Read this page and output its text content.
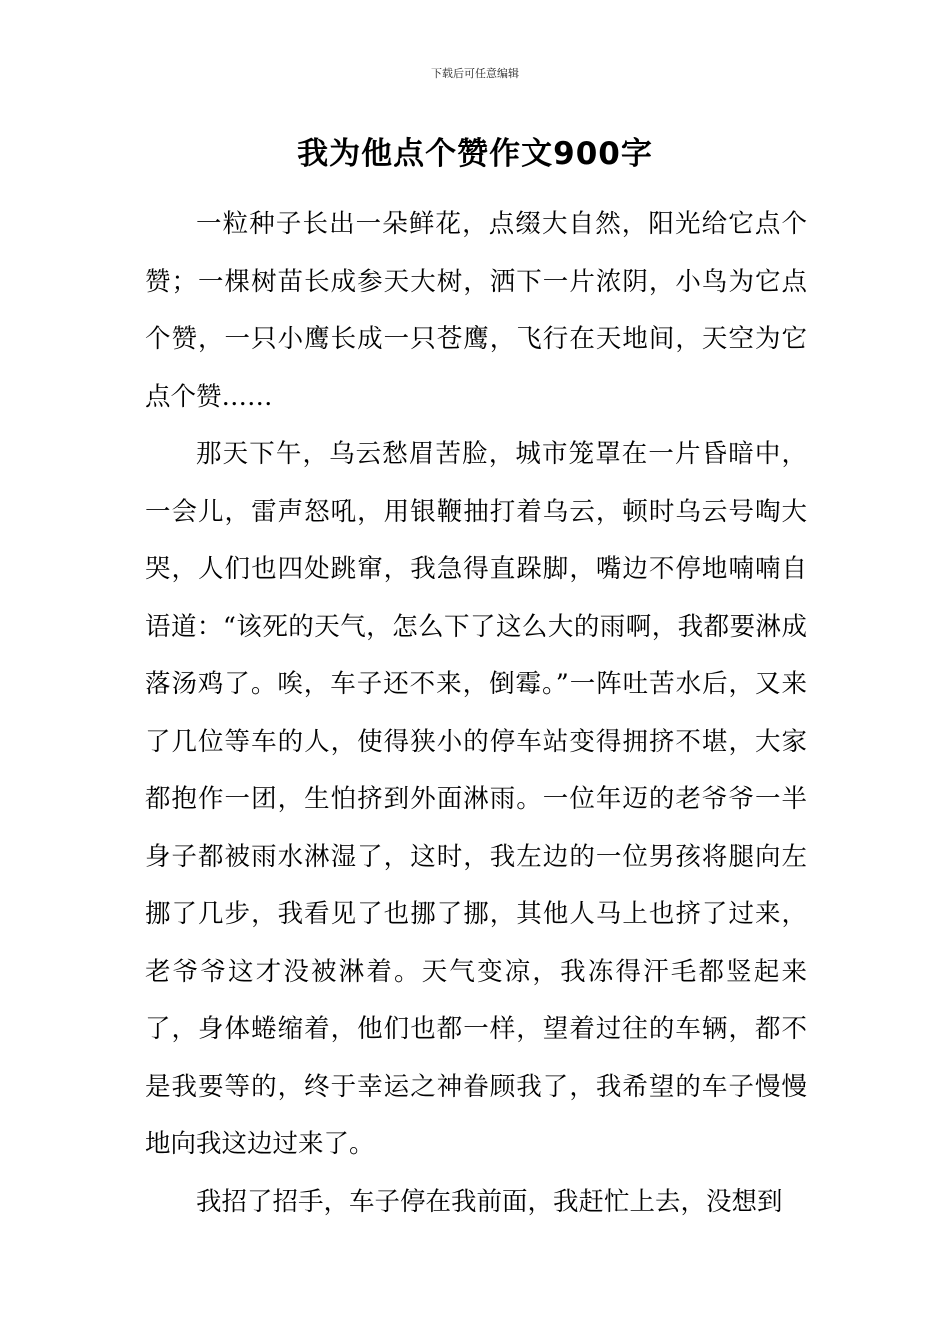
下载后可任意编辑
我为他点个赞作文900字

一粒种子长出一朵鲜花，点缀大自然，阳光给它点个赞；一棵树苗长成参天大树，洒下一片浓阴，小鸟为它点个赞，一只小鹰长成一只苍鹰，飞行在天地间，天空为它点个赞……

那天下午，乌云愁眉苦脸，城市笼罩在一片昏暗中，一会儿，雷声怒吼，用银鞭抽打着乌云，顿时乌云号啕大哭，人们也四处跳窜，我急得直跺脚，嘴边不停地喃喃自语道：“该死的天气，怎么下了这么大的雨啊，我都要淋成落汤鸡了。唉，车子还不来，倒霉。”一阵吐苦水后，又来了几位等车的人，使得狭小的停车站变得拥挤不堪，大家都抱作一团，生怕挤到外面淋雨。一位年迈的老爷爷一半身子都被雨水淋湿了，这时，我左边的一位男孩将腿向左挪了几步，我看见了也挪了挪，其他人马上也挤了过来，老爷爷这才没被淋着。天气变凉，我冻得汗毛都竖起来了，身体蜷缩着，他们也都一样，望着过往的车辆，都不是我要等的，终于幸运之神眷顾我了，我希望的车子慢慢地向我这边过来了。

我招了招手，车子停在我前面，我赶忙上去，没想到
